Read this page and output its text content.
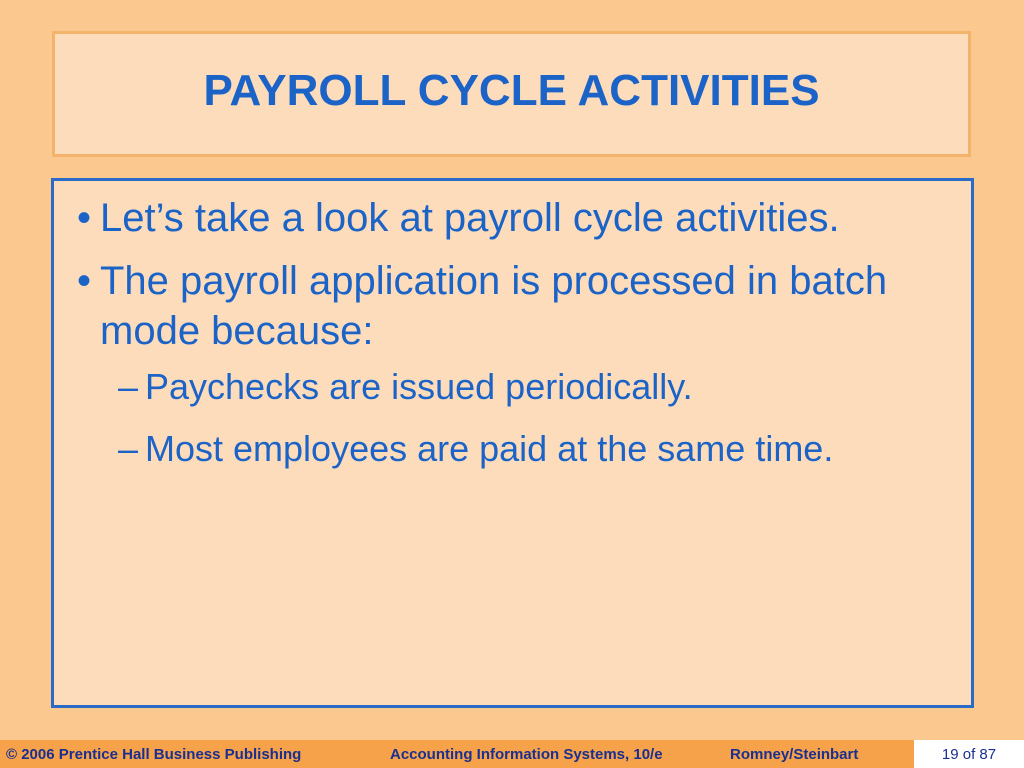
PAYROLL CYCLE ACTIVITIES
• Let’s take a look at payroll cycle activities.
• The payroll application is processed in batch mode because:
– Paychecks are issued periodically.
– Most employees are paid at the same time.
© 2006 Prentice Hall Business Publishing	Accounting Information Systems, 10/e	Romney/Steinbart	19 of 87
